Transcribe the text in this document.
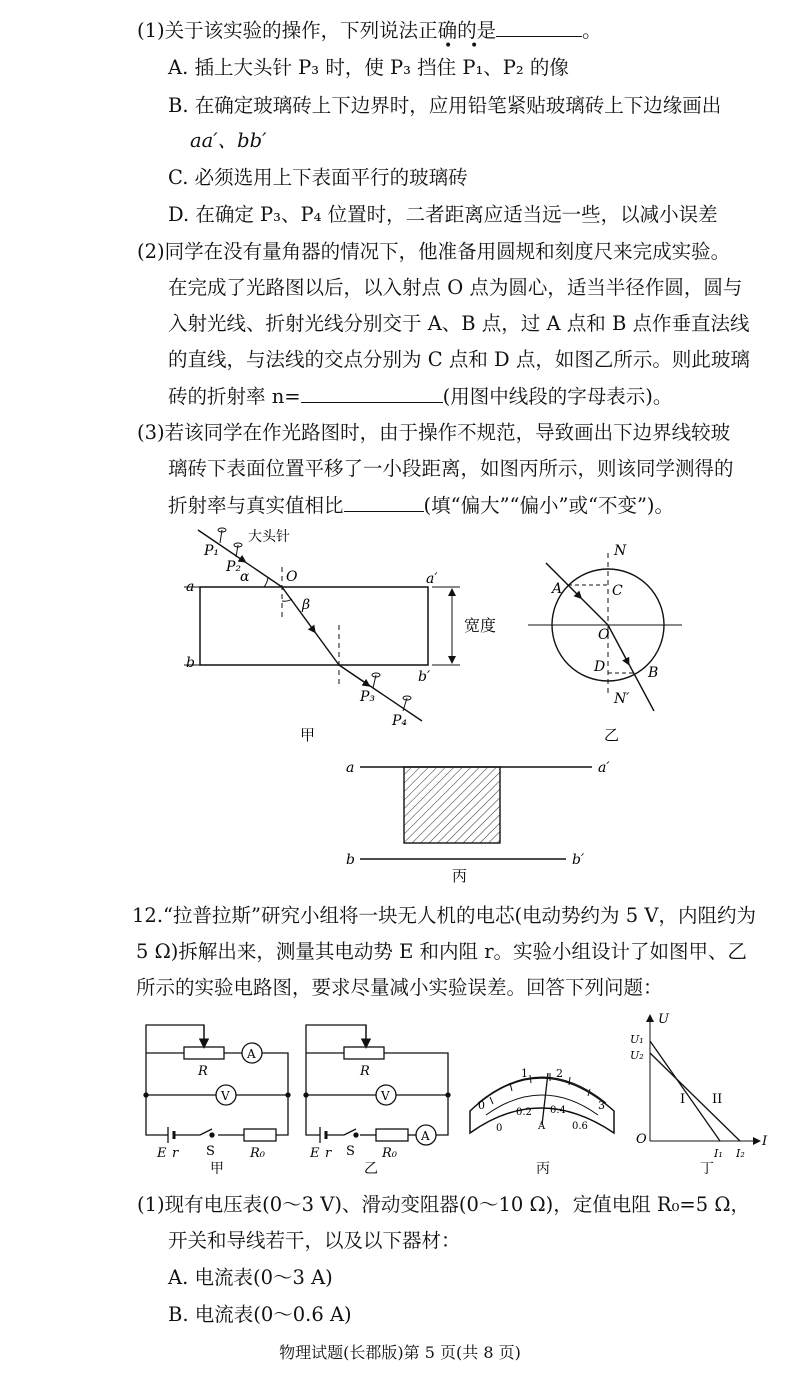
(1)关于该实验的操作，下列说法正确的是	。
•    •
A. 插上大头针 P₃ 时，使 P₃ 挡住 P₁、P₂ 的像
B. 在确定玻璃砖上下边界时，应用铅笔紧贴玻璃砖上下边缘画出
aa′、bb′
C. 必须选用上下表面平行的玻璃砖
D. 在确定 P₃、P₄ 位置时，二者距离应适当远一些，以减小误差
(2)同学在没有量角器的情况下，他准备用圆规和刻度尺来完成实验。
在完成了光路图以后，以入射点 O 点为圆心，适当半径作圆，圆与
入射光线、折射光线分别交于 A、B 点，过 A 点和 B 点作垂直法线
的直线，与法线的交点分别为 C 点和 D 点，如图乙所示。则此玻璃
砖的折射率 n=	(用图中线段的字母表示)。
(3)若该同学在作光路图时，由于操作不规范，导致画出下边界线较玻
璃砖下表面位置平移了一小段距离，如图丙所示，则该同学测得的
折射率与真实值相比	(填“偏大”“偏小”或“不变”)。
大头针
P₁
P₂
α	O
β
a	a′
b
b′
宽度
P₃
P₄
甲
N
A	C
O
D	B
N′
乙
a	a′
b	b′
丙
12.“拉普拉斯”研究小组将一块无人机的电芯(电动势约为 5 V，内阻约为
5 Ω)拆解出来，测量其电动势 E 和内阻 r。实验小组设计了如图甲、乙
所示的实验电路图，要求尽量减小实验误差。回答下列问题：
R
A
V
E r S	R₀
甲
R
A
V
E r S R₀
乙
0
1	2
3
0
0.2 0.4
0.6
A
丙
U
U₁
U₂
I II
O
I₁ I₂
I
丁
(1)现有电压表(0～3 V)、滑动变阻器(0～10 Ω)，定值电阻 R₀=5 Ω，
开关和导线若干，以及以下器材：
A. 电流表(0～3 A)
B. 电流表(0～0.6 A)
物理试题(长郡版)第 5 页(共 8 页)
